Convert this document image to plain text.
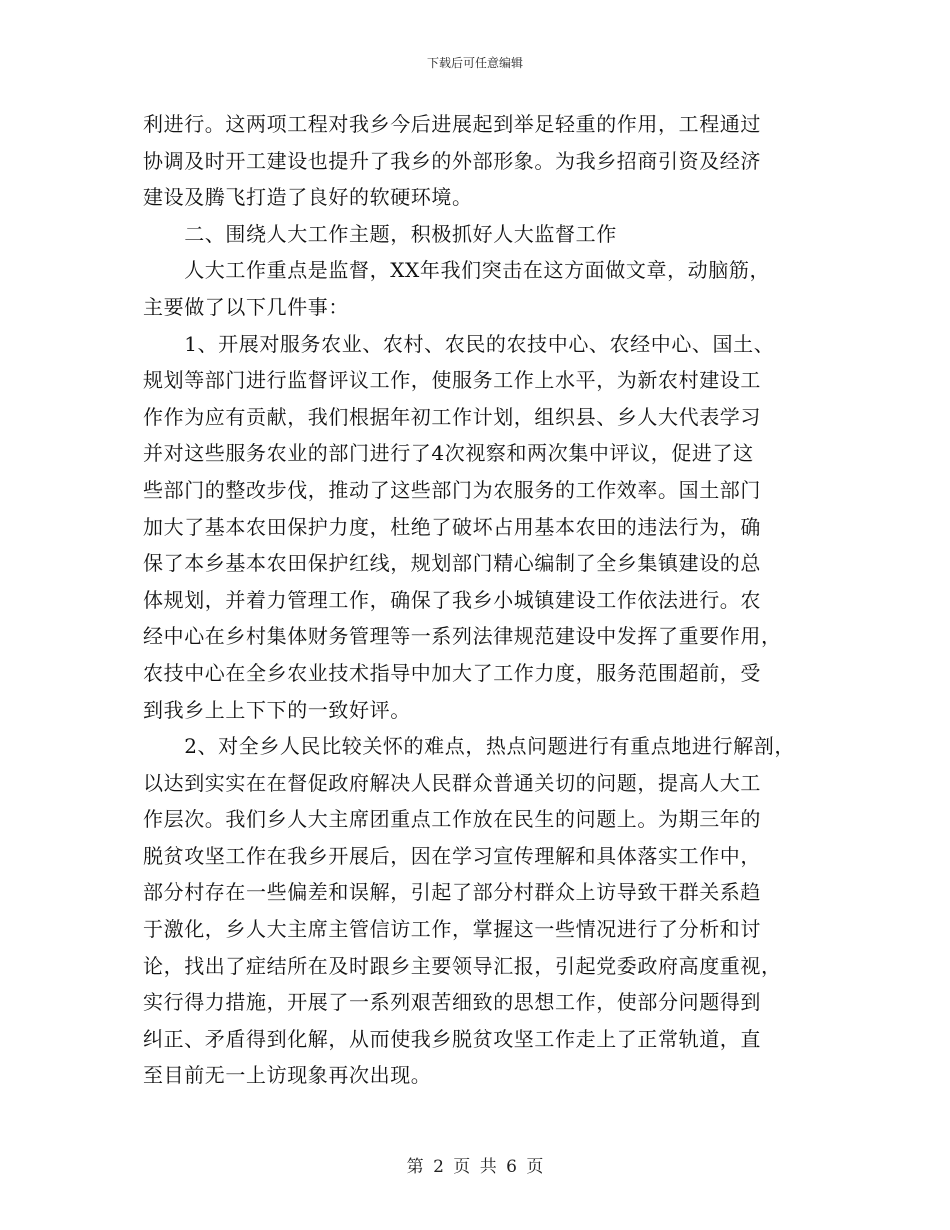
下载后可任意编辑
利进行。这两项工程对我乡今后进展起到举足轻重的作用，工程通过
协调及时开工建设也提升了我乡的外部形象。为我乡招商引资及经济
建设及腾飞打造了良好的软硬环境。
　　二、围绕人大工作主题，积极抓好人大监督工作
　　人大工作重点是监督，XX年我们突击在这方面做文章，动脑筋，
主要做了以下几件事：
　　1、开展对服务农业、农村、农民的农技中心、农经中心、国土、
规划等部门进行监督评议工作，使服务工作上水平，为新农村建设工
作作为应有贡献，我们根据年初工作计划，组织县、乡人大代表学习
并对这些服务农业的部门进行了4次视察和两次集中评议，促进了这
些部门的整改步伐，推动了这些部门为农服务的工作效率。国土部门
加大了基本农田保护力度，杜绝了破坏占用基本农田的违法行为，确
保了本乡基本农田保护红线，规划部门精心编制了全乡集镇建设的总
体规划，并着力管理工作，确保了我乡小城镇建设工作依法进行。农
经中心在乡村集体财务管理等一系列法律规范建设中发挥了重要作用，
农技中心在全乡农业技术指导中加大了工作力度，服务范围超前，受
到我乡上上下下的一致好评。
　　2、对全乡人民比较关怀的难点，热点问题进行有重点地进行解剖，
以达到实实在在督促政府解决人民群众普通关切的问题，提高人大工
作层次。我们乡人大主席团重点工作放在民生的问题上。为期三年的
脱贫攻坚工作在我乡开展后，因在学习宣传理解和具体落实工作中，
部分村存在一些偏差和误解，引起了部分村群众上访导致干群关系趋
于激化，乡人大主席主管信访工作，掌握这一些情况进行了分析和讨
论，找出了症结所在及时跟乡主要领导汇报，引起党委政府高度重视，
实行得力措施，开展了一系列艰苦细致的思想工作，使部分问题得到
纠正、矛盾得到化解，从而使我乡脱贫攻坚工作走上了正常轨道，直
至目前无一上访现象再次出现。
第 2 页 共 6 页
